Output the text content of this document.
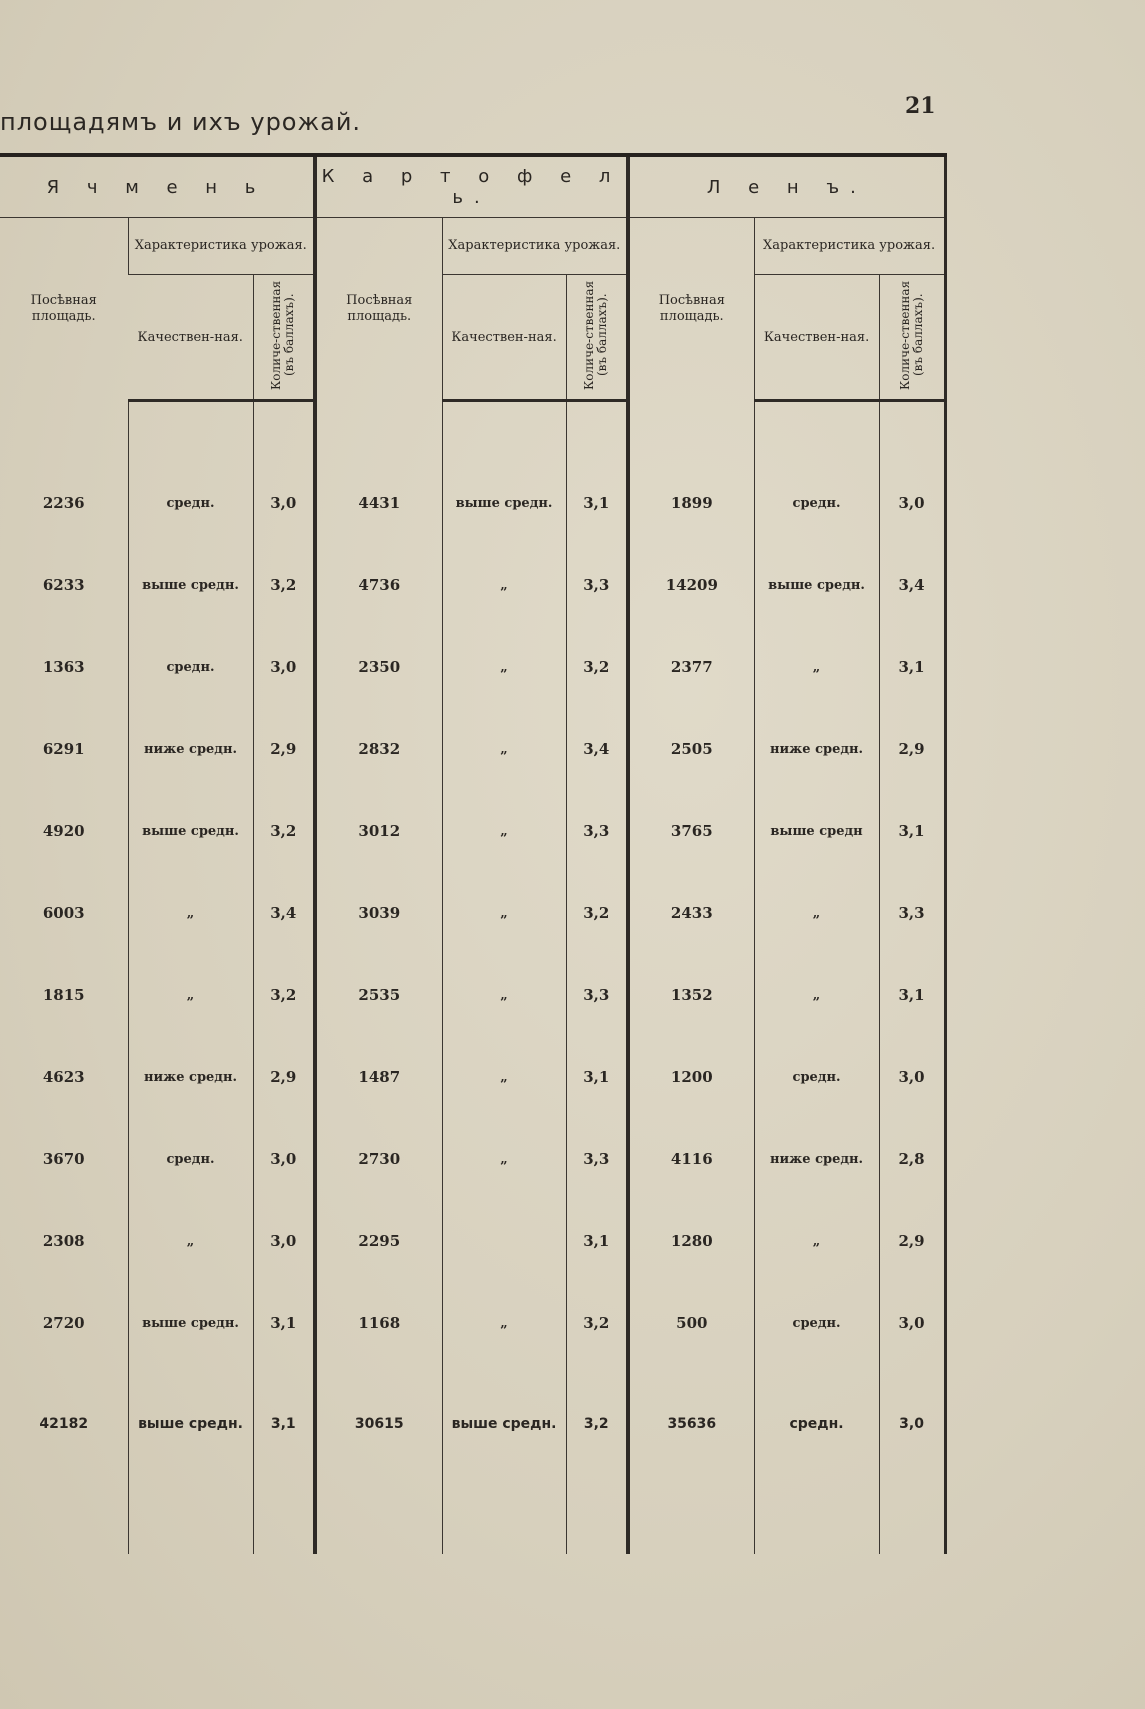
площадямъ и ихъ урожай.
21
Я ч м е н ь			К а р т о ф е л ь.			Л е н ъ.		
Посѣвная площадь.	Характеристика урожая.		Посѣвная площадь.	Характеристика урожая.		Посѣвная площадь.	Характеристика урожая.	
	Качествен-ная.	Количе-ственная (въ баллахъ).		Качествен-ная.	Количе-ственная (въ баллахъ).		Качествен-ная.	Количе-ственная (въ баллахъ).

2236	средн.	3,0	4431	выше средн.	3,1	1899	средн.	3,0
6233	выше средн.	3,2	4736	„	3,3	14209	выше средн.	3,4
1363	средн.	3,0	2350	„	3,2	2377	„	3,1
6291	ниже средн.	2,9	2832	„	3,4	2505	ниже средн.	2,9
4920	выше средн.	3,2	3012	„	3,3	3765	выше средн	3,1
6003	„	3,4	3039	„	3,2	2433	„	3,3
1815	„	3,2	2535	„	3,3	1352	„	3,1
4623	ниже средн.	2,9	1487	„	3,1	1200	средн.	3,0
3670	средн.	3,0	2730	„	3,3	4116	ниже средн.	2,8
2308	„	3,0	2295		3,1	1280	„	2,9
2720	выше средн.	3,1	1168	„	3,2	500	средн.	3,0
42182	выше средн.	3,1	30615	выше средн.	3,2	35636	средн.	3,0
